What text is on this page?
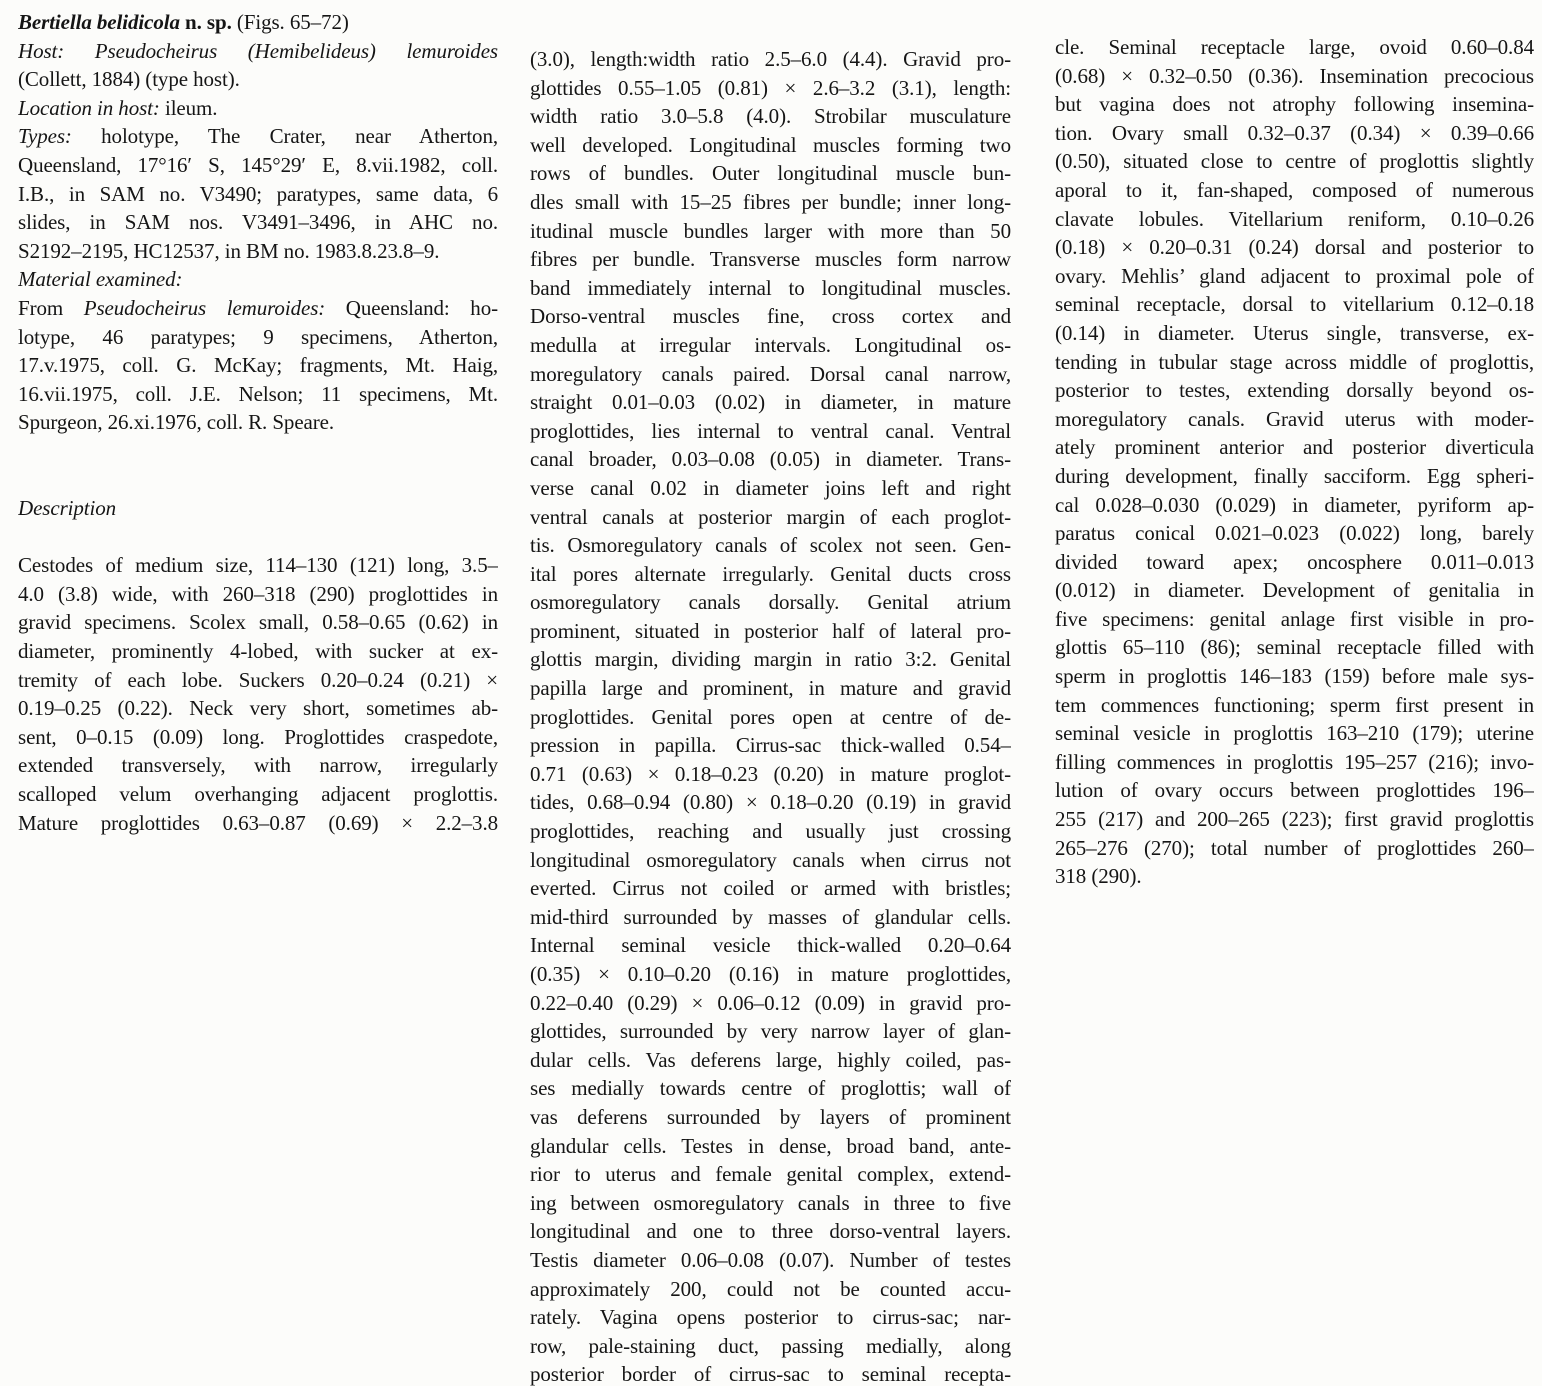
Bertiella belidicola n. sp. (Figs. 65–72)
Host: Pseudocheirus (Hemibelideus) lemuroides
(Collett, 1884) (type host).
Location in host: ileum.
Types: holotype, The Crater, near Atherton,
Queensland, 17°16′ S, 145°29′ E, 8.vii.1982, coll.
I.B., in SAM no. V3490; paratypes, same data, 6
slides, in SAM nos. V3491–3496, in AHC no.
S2192–2195, HC12537, in BM no. 1983.8.23.8–9.
Material examined:
From Pseudocheirus lemuroides: Queensland: ho-
lotype, 46 paratypes; 9 specimens, Atherton,
17.v.1975, coll. G. McKay; fragments, Mt. Haig,
16.vii.1975, coll. J.E. Nelson; 11 specimens, Mt.
Spurgeon, 26.xi.1976, coll. R. Speare.
Description
Cestodes of medium size, 114–130 (121) long, 3.5–
4.0 (3.8) wide, with 260–318 (290) proglottides in
gravid specimens. Scolex small, 0.58–0.65 (0.62) in
diameter, prominently 4-lobed, with sucker at ex-
tremity of each lobe. Suckers 0.20–0.24 (0.21) ×
0.19–0.25 (0.22). Neck very short, sometimes ab-
sent, 0–0.15 (0.09) long. Proglottides craspedote,
extended transversely, with narrow, irregularly
scalloped velum overhanging adjacent proglottis.
Mature proglottides 0.63–0.87 (0.69) × 2.2–3.8
(3.0), length:width ratio 2.5–6.0 (4.4). Gravid pro-
glottides 0.55–1.05 (0.81) × 2.6–3.2 (3.1), length:
width ratio 3.0–5.8 (4.0). Strobilar musculature
well developed. Longitudinal muscles forming two
rows of bundles. Outer longitudinal muscle bun-
dles small with 15–25 fibres per bundle; inner long-
itudinal muscle bundles larger with more than 50
fibres per bundle. Transverse muscles form narrow
band immediately internal to longitudinal muscles.
Dorso-ventral muscles fine, cross cortex and
medulla at irregular intervals. Longitudinal os-
moregulatory canals paired. Dorsal canal narrow,
straight 0.01–0.03 (0.02) in diameter, in mature
proglottides, lies internal to ventral canal. Ventral
canal broader, 0.03–0.08 (0.05) in diameter. Trans-
verse canal 0.02 in diameter joins left and right
ventral canals at posterior margin of each proglot-
tis. Osmoregulatory canals of scolex not seen. Gen-
ital pores alternate irregularly. Genital ducts cross
osmoregulatory canals dorsally. Genital atrium
prominent, situated in posterior half of lateral pro-
glottis margin, dividing margin in ratio 3:2. Genital
papilla large and prominent, in mature and gravid
proglottides. Genital pores open at centre of de-
pression in papilla. Cirrus-sac thick-walled 0.54–
0.71 (0.63) × 0.18–0.23 (0.20) in mature proglot-
tides, 0.68–0.94 (0.80) × 0.18–0.20 (0.19) in gravid
proglottides, reaching and usually just crossing
longitudinal osmoregulatory canals when cirrus not
everted. Cirrus not coiled or armed with bristles;
mid-third surrounded by masses of glandular cells.
Internal seminal vesicle thick-walled 0.20–0.64
(0.35) × 0.10–0.20 (0.16) in mature proglottides,
0.22–0.40 (0.29) × 0.06–0.12 (0.09) in gravid pro-
glottides, surrounded by very narrow layer of glan-
dular cells. Vas deferens large, highly coiled, pas-
ses medially towards centre of proglottis; wall of
vas deferens surrounded by layers of prominent
glandular cells. Testes in dense, broad band, ante-
rior to uterus and female genital complex, extend-
ing between osmoregulatory canals in three to five
longitudinal and one to three dorso-ventral layers.
Testis diameter 0.06–0.08 (0.07). Number of testes
approximately 200, could not be counted accu-
rately. Vagina opens posterior to cirrus-sac; nar-
row, pale-staining duct, passing medially, along
posterior border of cirrus-sac to seminal recepta-
cle. Seminal receptacle large, ovoid 0.60–0.84
(0.68) × 0.32–0.50 (0.36). Insemination precocious
but vagina does not atrophy following insemina-
tion. Ovary small 0.32–0.37 (0.34) × 0.39–0.66
(0.50), situated close to centre of proglottis slightly
aporal to it, fan-shaped, composed of numerous
clavate lobules. Vitellarium reniform, 0.10–0.26
(0.18) × 0.20–0.31 (0.24) dorsal and posterior to
ovary. Mehlis’ gland adjacent to proximal pole of
seminal receptacle, dorsal to vitellarium 0.12–0.18
(0.14) in diameter. Uterus single, transverse, ex-
tending in tubular stage across middle of proglottis,
posterior to testes, extending dorsally beyond os-
moregulatory canals. Gravid uterus with moder-
ately prominent anterior and posterior diverticula
during development, finally sacciform. Egg spheri-
cal 0.028–0.030 (0.029) in diameter, pyriform ap-
paratus conical 0.021–0.023 (0.022) long, barely
divided toward apex; oncosphere 0.011–0.013
(0.012) in diameter. Development of genitalia in
five specimens: genital anlage first visible in pro-
glottis 65–110 (86); seminal receptacle filled with
sperm in proglottis 146–183 (159) before male sys-
tem commences functioning; sperm first present in
seminal vesicle in proglottis 163–210 (179); uterine
filling commences in proglottis 195–257 (216); invo-
lution of ovary occurs between proglottides 196–
255 (217) and 200–265 (223); first gravid proglottis
265–276 (270); total number of proglottides 260–
318 (290).
